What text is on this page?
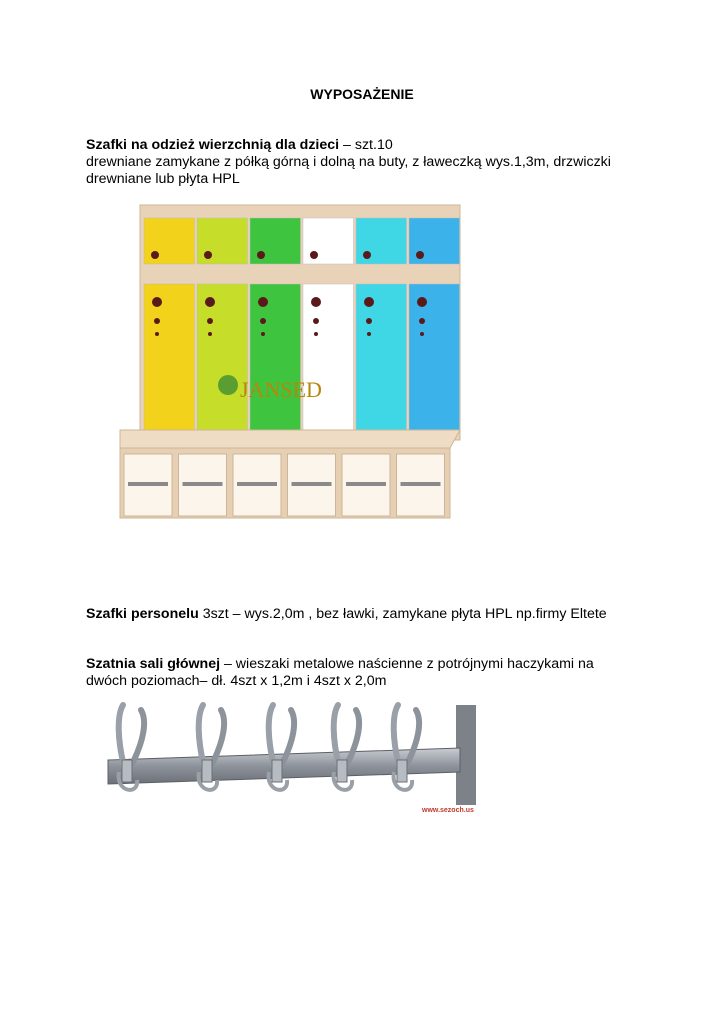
WYPOSAŻENIE
Szafki na odzież wierzchnią dla dzieci – szt.10
drewniane zamykane z półką górną i dolną na buty, z ławeczką wys.1,3m, drzwiczki
drewniane lub płyta HPL
JANSED
Szafki personelu 3szt – wys.2,0m , bez ławki, zamykane płyta HPL np.firmy Eltete
Szatnia sali głównej – wieszaki metalowe naścienne z potrójnymi haczykami na
dwóch poziomach– dł. 4szt x 1,2m i 4szt x 2,0m
www.sezoch.us
